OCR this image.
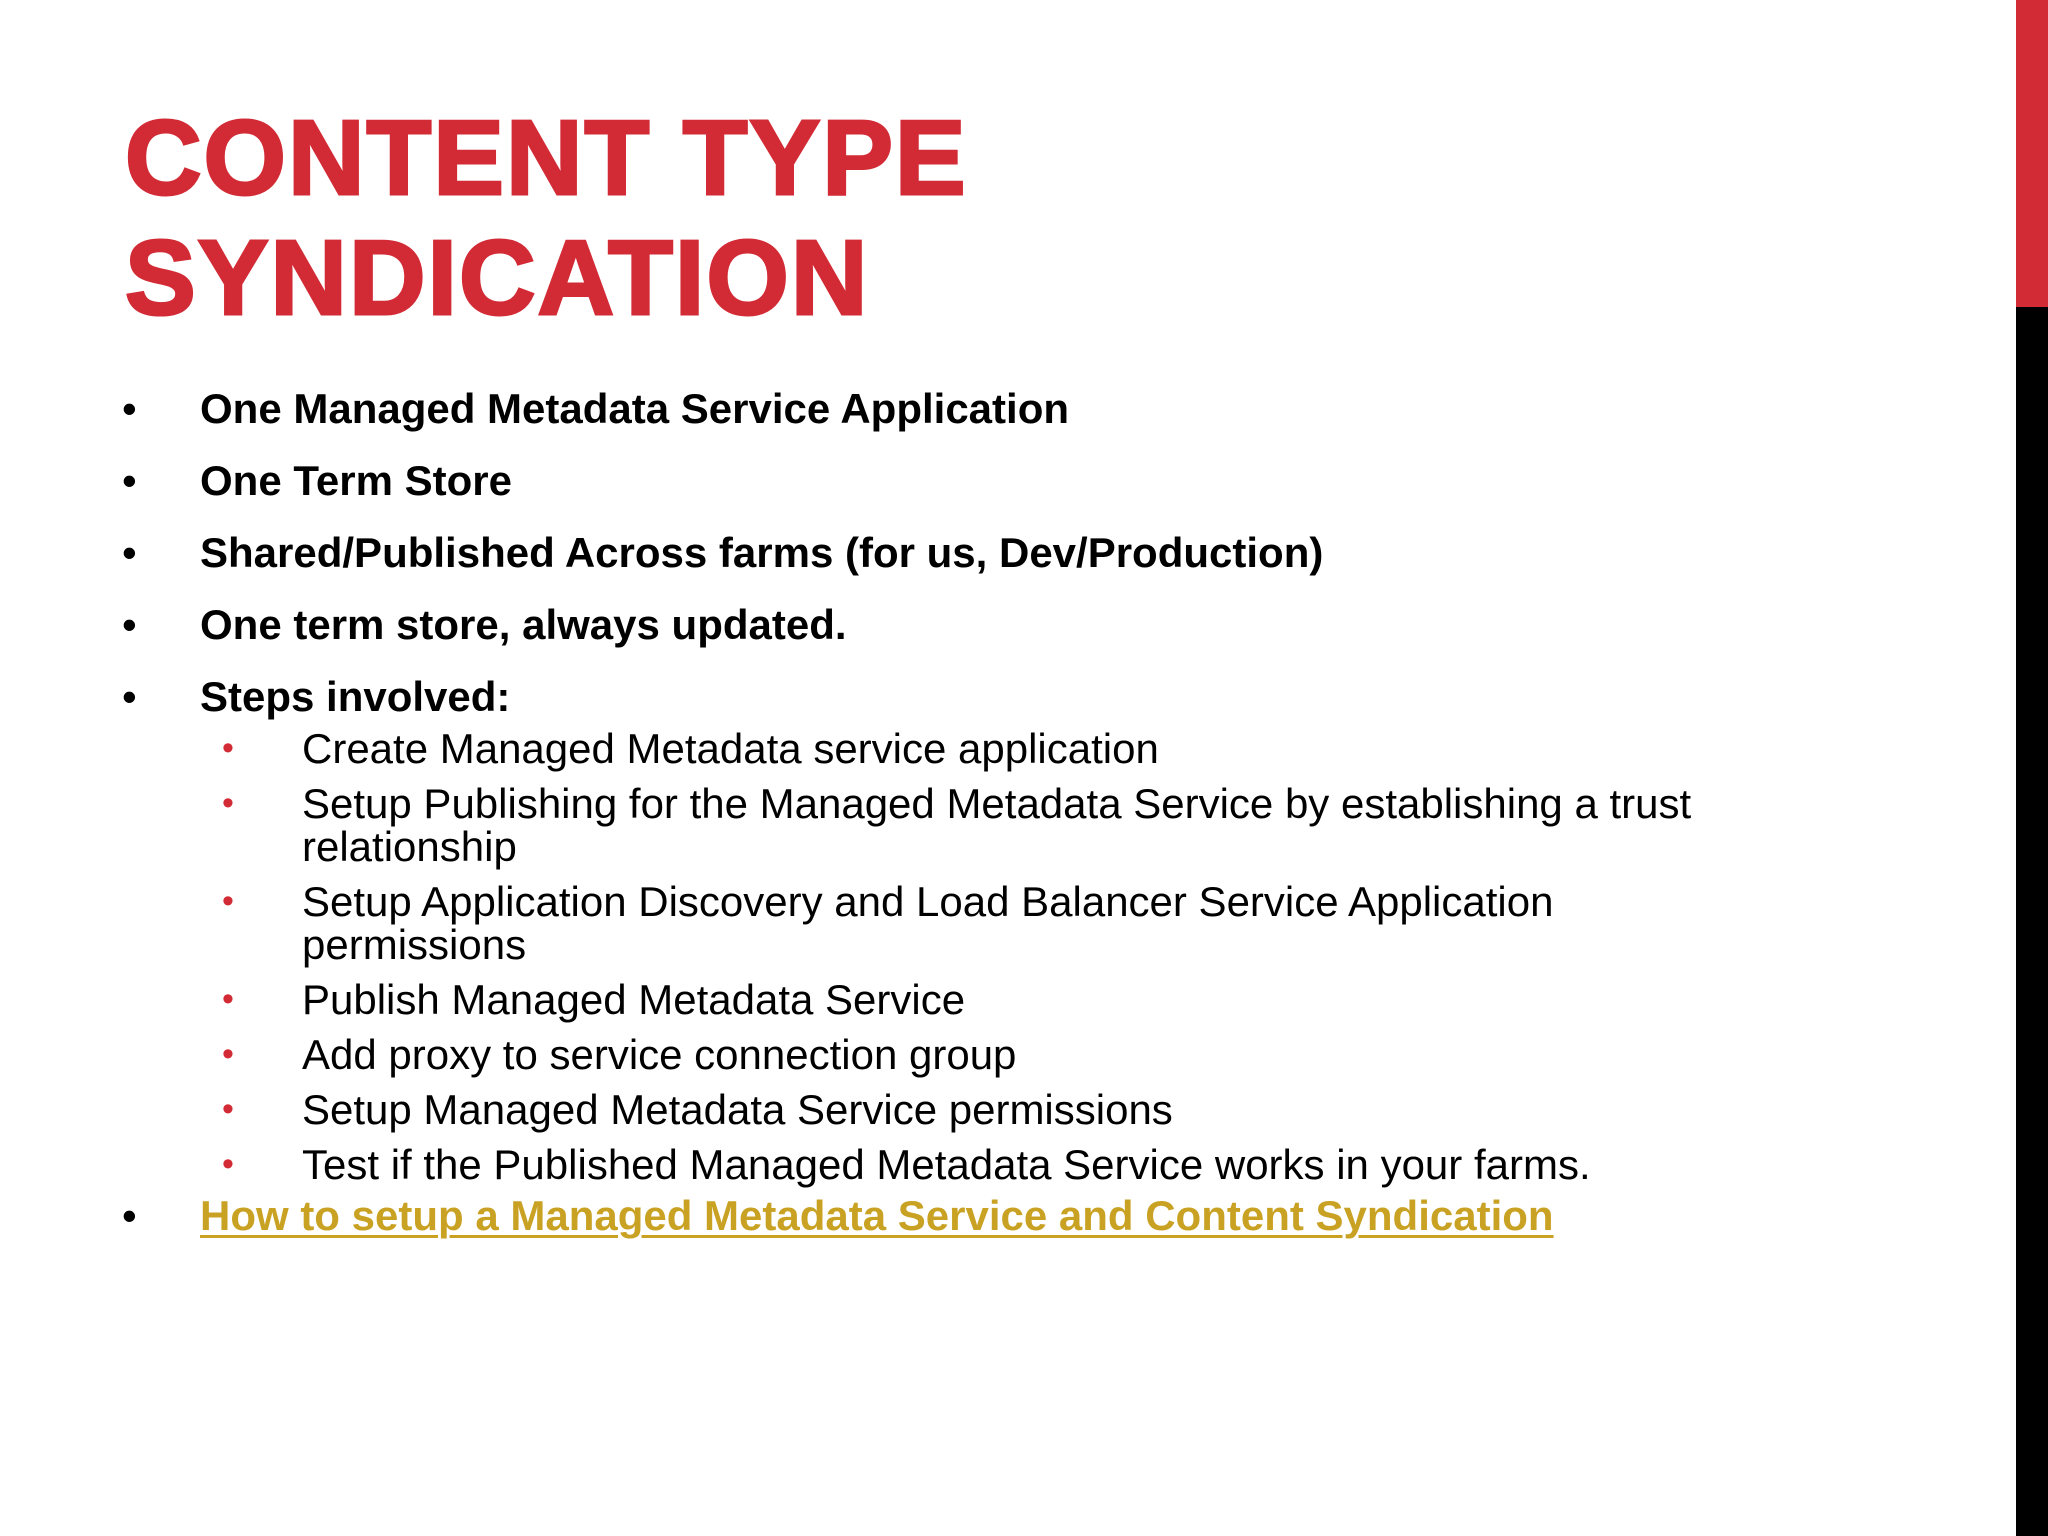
CONTENT TYPE
SYNDICATION
• One Managed Metadata Service Application
• One Term Store
• Shared/Published Across farms (for us, Dev/Production)
• One term store, always updated.
• Steps involved:
• Create Managed Metadata service application
• Setup Publishing for the Managed Metadata Service by establishing a trust relationship
• Setup Application Discovery and Load Balancer Service Application permissions
• Publish Managed Metadata Service
• Add proxy to service connection group
• Setup Managed Metadata Service permissions
• Test if the Published Managed Metadata Service works in your farms.
• How to setup a Managed Metadata Service and Content Syndication
